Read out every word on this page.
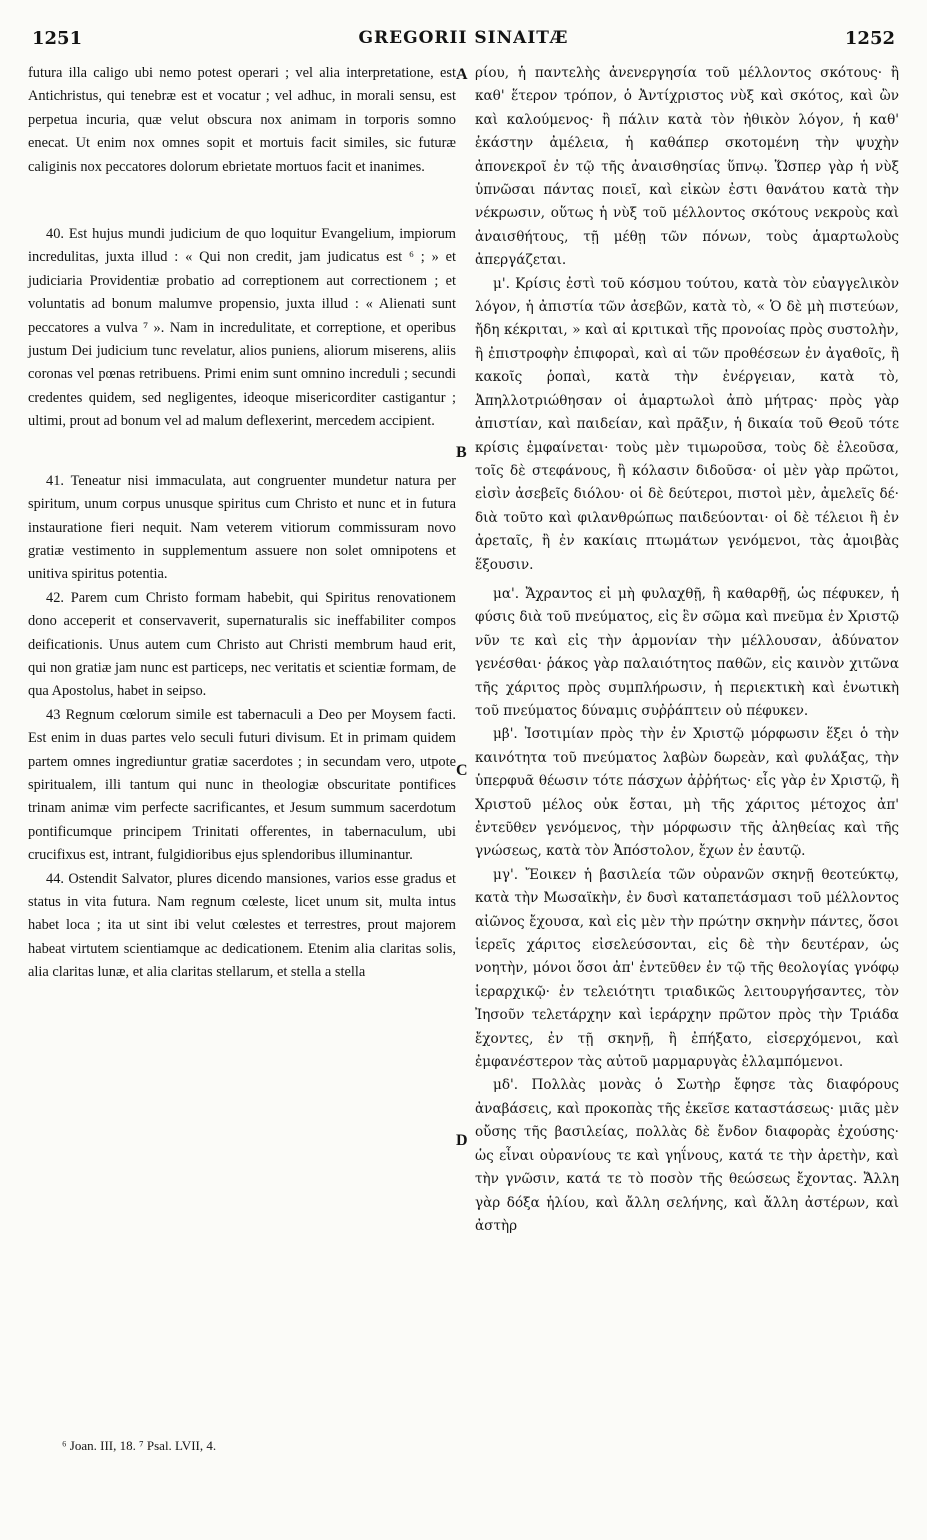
1251	GREGORII SINAITÆ	1252

futura illa caligo ubi nemo potest operari ; vel alia interpretatione, est Antichristus, qui tenebræ est et vocatur ; vel adhuc, in morali sensu, est perpetua incuria, quæ velut obscura nox animam in torporis somno enecat. Ut enim nox omnes sopit et mortuis facit similes, sic futuræ caliginis nox peccatores dolorum ebrietate mortuos facit et inanimes.

40. Est hujus mundi judicium de quo loquitur Evangelium, impiorum incredulitas, juxta illud : « Qui non credit, jam judicatus est ⁶ ; » et judiciaria Providentiæ probatio ad correptionem aut correctionem ; et voluntatis ad bonum malumve propensio, juxta illud : « Alienati sunt peccatores a vulva ⁷ ». Nam in incredulitate, et correptione, et operibus justum Dei judicium tunc revelatur, alios puniens, aliorum miserens, aliis coronas vel pœnas retribuens. Primi enim sunt omnino increduli ; secundi credentes quidem, sed negligentes, ideoque misericorditer castigantur ; ultimi, prout ad bonum vel ad malum deflexerint, mercedem accipient.

41. Teneatur nisi immaculata, aut congruenter mundetur natura per spiritum, unum corpus unusque spiritus cum Christo et nunc et in futura instauratione fieri nequit. Nam veterem vitiorum commissuram novo gratiæ vestimento in supplementum assuere non solet omnipotens et unitiva spiritus potentia.

42. Parem cum Christo formam habebit, qui Spiritus renovationem dono acceperit et conservaverit, supernaturalis sic ineffabiliter compos deificationis. Unus autem cum Christo aut Christi membrum haud erit, qui non gratiæ jam nunc est particeps, nec veritatis et scientiæ formam, de qua Apostolus, habet in seipso.

43 Regnum cœlorum simile est tabernaculi a Deo per Moysem facti. Est enim in duas partes velo seculi futuri divisum. Et in primam quidem partem omnes ingrediuntur gratiæ sacerdotes ; in secundam vero, utpote spiritualem, illi tantum qui nunc in theologiæ obscuritate pontifices trinam animæ vim perfecte sacrificantes, et Jesum summum sacerdotum pontificumque principem Trinitati offerentes, in tabernaculum, ubi crucifixus est, intrant, fulgidioribus ejus splendoribus illuminantur.

44. Ostendit Salvator, plures dicendo mansiones, varios esse gradus et status in vita futura. Nam regnum cœleste, licet unum sit, multa intus habet loca ; ita ut sint ibi velut cœlestes et terrestres, prout majorem habeat virtutem scientiamque ac dedicationem. Etenim alia claritas solis, alia claritas lunæ, et alia claritas stellarum, et stella a stella

A
B
C
D

ρίου, ἡ παντελὴς ἀνενεργησία τοῦ μέλλοντος σκότους· ἢ καθ' ἕτερον τρόπον, ὁ Ἀντίχριστος νὺξ καὶ σκότος, καὶ ὢν καὶ καλούμενος· ἢ πάλιν κατὰ τὸν ἠθικὸν λόγον, ἡ καθ' ἑκάστην ἀμέλεια, ἡ καθάπερ σκοτομένη τὴν ψυχὴν ἀπονεκροῖ ἐν τῷ τῆς ἀναισθησίας ὕπνῳ. Ὥσπερ γὰρ ἡ νὺξ ὑπνῶσαι πάντας ποιεῖ, καὶ εἰκὼν ἐστι θανάτου κατὰ τὴν νέκρωσιν, οὕτως ἡ νὺξ τοῦ μέλλοντος σκότους νεκροὺς καὶ ἀναισθήτους, τῇ μέθῃ τῶν πόνων, τοὺς ἁμαρτωλοὺς ἀπεργάζεται.

μ'. Κρίσις ἐστὶ τοῦ κόσμου τούτου, κατὰ τὸν εὐαγγελικὸν λόγον, ἡ ἀπιστία τῶν ἀσεβῶν, κατὰ τὸ, « Ὁ δὲ μὴ πιστεύων, ἤδη κέκριται, » καὶ αἱ κριτικαὶ τῆς προνοίας πρὸς συστολὴν, ἢ ἐπιστροφὴν ἐπιφοραὶ, καὶ αἱ τῶν προθέσεων ἐν ἀγαθοῖς, ἢ κακοῖς ῥοπαὶ, κατὰ τὴν ἐνέργειαν, κατὰ τὸ, Ἀπηλλοτριώθησαν οἱ ἁμαρτωλοὶ ἀπὸ μήτρας· πρὸς γὰρ ἀπιστίαν, καὶ παιδείαν, καὶ πρᾶξιν, ἡ δικαία τοῦ Θεοῦ τότε κρίσις ἐμφαίνεται· τοὺς μὲν τιμωροῦσα, τοὺς δὲ ἐλεοῦσα, τοῖς δὲ στεφάνους, ἢ κόλασιν διδοῦσα· οἱ μὲν γὰρ πρῶτοι, εἰσὶν ἀσεβεῖς διόλου· οἱ δὲ δεύτεροι, πιστοὶ μὲν, ἀμελεῖς δέ· διὰ τοῦτο καὶ φιλανθρώπως παιδεύονται· οἱ δὲ τέλειοι ἢ ἐν ἀρεταῖς, ἢ ἐν κακίαις πτωμάτων γενόμενοι, τὰς ἀμοιβὰς ἕξουσιν.

μα'. Ἄχραντος εἰ μὴ φυλαχθῇ, ἢ καθαρθῇ, ὡς πέφυκεν, ἡ φύσις διὰ τοῦ πνεύματος, εἰς ἓν σῶμα καὶ πνεῦμα ἐν Χριστῷ νῦν τε καὶ εἰς τὴν ἁρμονίαν τὴν μέλλουσαν, ἀδύνατον γενέσθαι· ῥάκος γὰρ παλαιότητος παθῶν, εἰς καινὸν χιτῶνα τῆς χάριτος πρὸς συμπλήρωσιν, ἡ περιεκτικὴ καὶ ἑνωτικὴ τοῦ πνεύματος δύναμις συῤῥάπτειν οὐ πέφυκεν.

μβ'. Ἰσοτιμίαν πρὸς τὴν ἐν Χριστῷ μόρφωσιν ἕξει ὁ τὴν καινότητα τοῦ πνεύματος λαβὼν δωρεὰν, καὶ φυλάξας, τὴν ὑπερφυᾶ θέωσιν τότε πάσχων ἀῤῥήτως· εἷς γὰρ ἐν Χριστῷ, ἢ Χριστοῦ μέλος οὐκ ἔσται, μὴ τῆς χάριτος μέτοχος ἀπ' ἐντεῦθεν γενόμενος, τὴν μόρφωσιν τῆς ἀληθείας καὶ τῆς γνώσεως, κατὰ τὸν Ἀπόστολον, ἔχων ἐν ἑαυτῷ.

μγ'. Ἔοικεν ἡ βασιλεία τῶν οὐρανῶν σκηνῇ θεοτεύκτῳ, κατὰ τὴν Μωσαϊκὴν, ἐν δυσὶ καταπετάσμασι τοῦ μέλλοντος αἰῶνος ἔχουσα, καὶ εἰς μὲν τὴν πρώτην σκηνὴν πάντες, ὅσοι ἱερεῖς χάριτος εἰσελεύσονται, εἰς δὲ τὴν δευτέραν, ὡς νοητὴν, μόνοι ὅσοι ἀπ' ἐντεῦθεν ἐν τῷ τῆς θεολογίας γνόφῳ ἱεραρχικῷ· ἐν τελειότητι τριαδικῶς λειτουργήσαντες, τὸν Ἰησοῦν τελετάρχην καὶ ἱεράρχην πρῶτον πρὸς τὴν Τριάδα ἔχοντες, ἐν τῇ σκηνῇ, ἢ ἐπήξατο, εἰσερχόμενοι, καὶ ἐμφανέστερον τὰς αὐτοῦ μαρμαρυγὰς ἐλλαμπόμενοι.

μδ'. Πολλὰς μονὰς ὁ Σωτὴρ ἔφησε τὰς διαφόρους ἀναβάσεις, καὶ προκοπὰς τῆς ἐκεῖσε καταστάσεως· μιᾶς μὲν οὔσης τῆς βασιλείας, πολλὰς δὲ ἔνδον διαφορὰς ἐχούσης· ὡς εἶναι οὐρανίους τε καὶ γηΐνους, κατά τε τὴν ἀρετὴν, καὶ τὴν γνῶσιν, κατά τε τὸ ποσὸν τῆς θεώσεως ἔχοντας. Ἄλλη γὰρ δόξα ἡλίου, καὶ ἄλλη σελήνης, καὶ ἄλλη ἀστέρων, καὶ ἀστὴρ

⁶ Joan. III, 18. ⁷ Psal. LVII, 4.
